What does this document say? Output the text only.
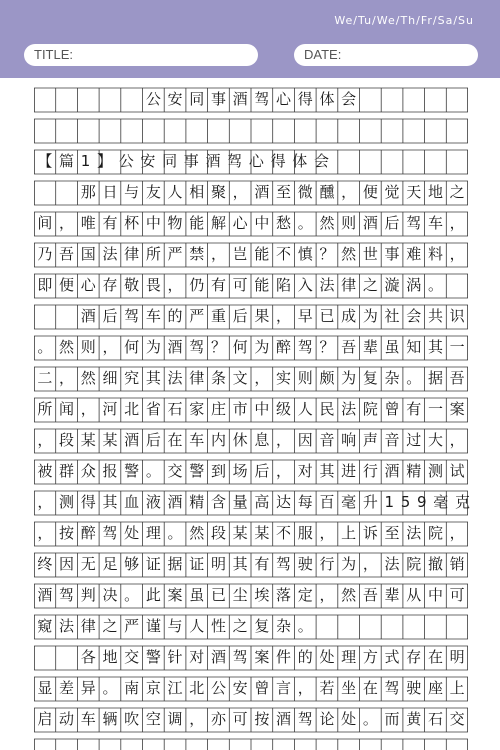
We/Tu/We/Th/Fr/Sa/Su
TITLE:	DATE:
公安同事酒驾心得体会
【篇1】公安同事酒驾心得体会
那日与友人相聚，酒至微醺，便觉天地之
间，唯有杯中物能解心中愁。然则酒后驾车，
乃吾国法律所严禁，岂能不慎？然世事难料，
即便心存敬畏，仍有可能陷入法律之漩涡。
酒后驾车的严重后果，早已成为社会共识
。然则，何为酒驾？何为醉驾？吾辈虽知其一
二，然细究其法律条文，实则颇为复杂。据吾
所闻，河北省石家庄市中级人民法院曾有一案
，段某某酒后在车内休息，因音响声音过大，
被群众报警。交警到场后，对其进行酒精测试
，测得其血液酒精含量高达每百毫升159毫克
，按醉驾处理。然段某某不服，上诉至法院，
终因无足够证据证明其有驾驶行为，法院撤销
酒驾判决。此案虽已尘埃落定，然吾辈从中可
窥法律之严谨与人性之复杂。
各地交警针对酒驾案件的处理方式存在明
显差异。南京江北公安曾言，若坐在驾驶座上
启动车辆吹空调，亦可按酒驾论处。而黄石交
